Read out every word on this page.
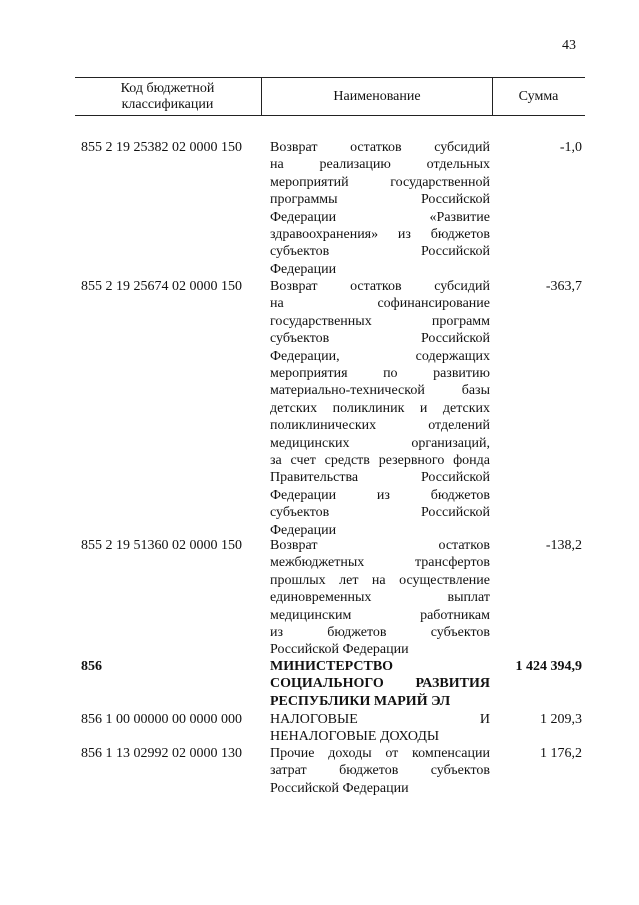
43
Код бюджетной
классификации
Наименование	Сумма
855 2 19 25382 02 0000 150 Возврат остатков субсидий
на реализацию отдельных
мероприятий государственной
программы Российской
Федерации «Развитие
здравоохранения» из бюджетов
субъектов Российской
Федерации
-1,0
855 2 19 25674 02 0000 150 Возврат остатков субсидий
на софинансирование
государственных программ
субъектов Российской
Федерации, содержащих
мероприятия по развитию
материально-технической базы
детских поликлиник и детских
поликлинических отделений
медицинских организаций,
за счет средств резервного фонда
Правительства Российской
Федерации из бюджетов
субъектов Российской
Федерации
-363,7
855 2 19 51360 02 0000 150 Возврат остатков
межбюджетных трансфертов
прошлых лет на осуществление
единовременных выплат
медицинским работникам
из бюджетов субъектов
Российской Федерации
-138,2
856	МИНИСТЕРСТВО
СОЦИАЛЬНОГО РАЗВИТИЯ
РЕСПУБЛИКИ МАРИЙ ЭЛ
1 424 394,9
856 1 00 00000 00 0000 000 НАЛОГОВЫЕ И
НЕНАЛОГОВЫЕ ДОХОДЫ
1 209,3
856 1 13 02992 02 0000 130 Прочие доходы от компенсации
затрат бюджетов субъектов
Российской Федерации
1 176,2
